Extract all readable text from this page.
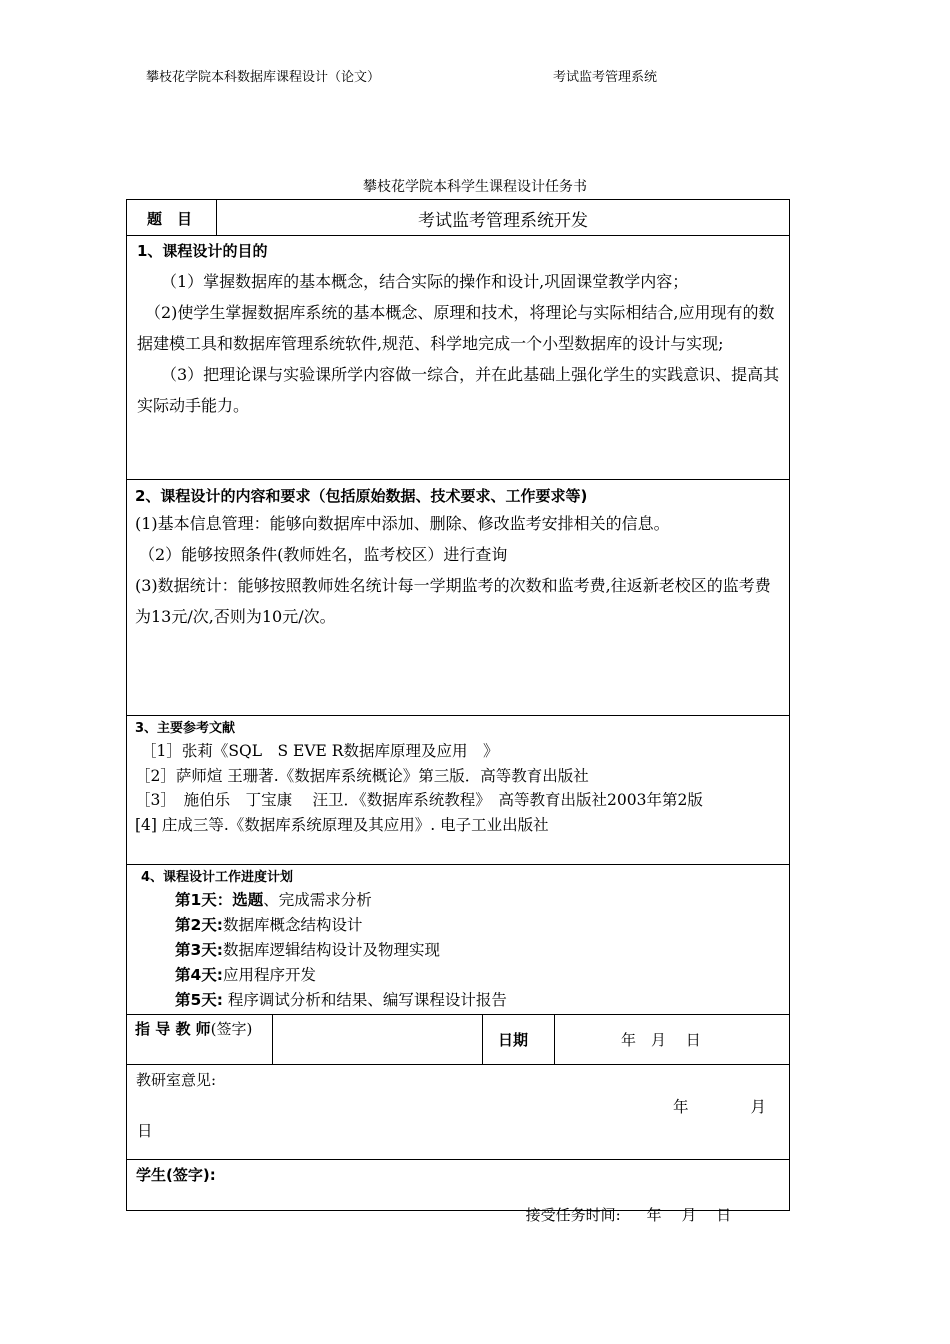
攀枝花学院本科数据库课程设计（论文）	考试监考管理系统
攀枝花学院本科学生课程设计任务书
题　目	考试监考管理系统开发
1、课程设计的目的

　　（1）掌握数据库的基本概念，结合实际的操作和设计,巩固课堂教学内容；

　（2)使学生掌握数据库系统的基本概念、原理和技术，将理论与实际相结合,应用现有的数据建模工具和数据库管理系统软件,规范、科学地完成一个小型数据库的设计与实现;

　　（3）把理论课与实验课所学内容做一综合，并在此基础上强化学生的实践意识、提高其实际动手能力。

2、课程设计的内容和要求（包括原始数据、技术要求、工作要求等)

(1)基本信息管理：能够向数据库中添加、删除、修改监考安排相关的信息。

（2）能够按照条件(教师姓名，监考校区）进行查询

(3)数据统计：能够按照教师姓名统计每一学期监考的次数和监考费,往返新老校区的监考费为13元/次,否则为10元/次。

3、主要参考文献

［1］张莉《SQL　S EVE R数据库原理及应用　》

［2］萨师煊 王珊著.《数据库系统概论》第三版．高等教育出版社

［3］　施伯乐　丁宝康　 汪卫．《数据库系统教程》　高等教育出版社2003年第2版

[4] 庄成三等.《数据库系统原理及其应用》. 电子工业出版社

4、课程设计工作进度计划

第1天：选题、完成需求分析

第2天:数据库概念结构设计

第3天:数据库逻辑结构设计及物理实现

第4天:应用程序开发

第5天: 程序调试分析和结果、编写课程设计报告

指 导 教 师(签字)
日期	年　月　 日
教研室意见:
年　　　　月
日
学生(签字):

接受任务时间: 年　 月　 日
